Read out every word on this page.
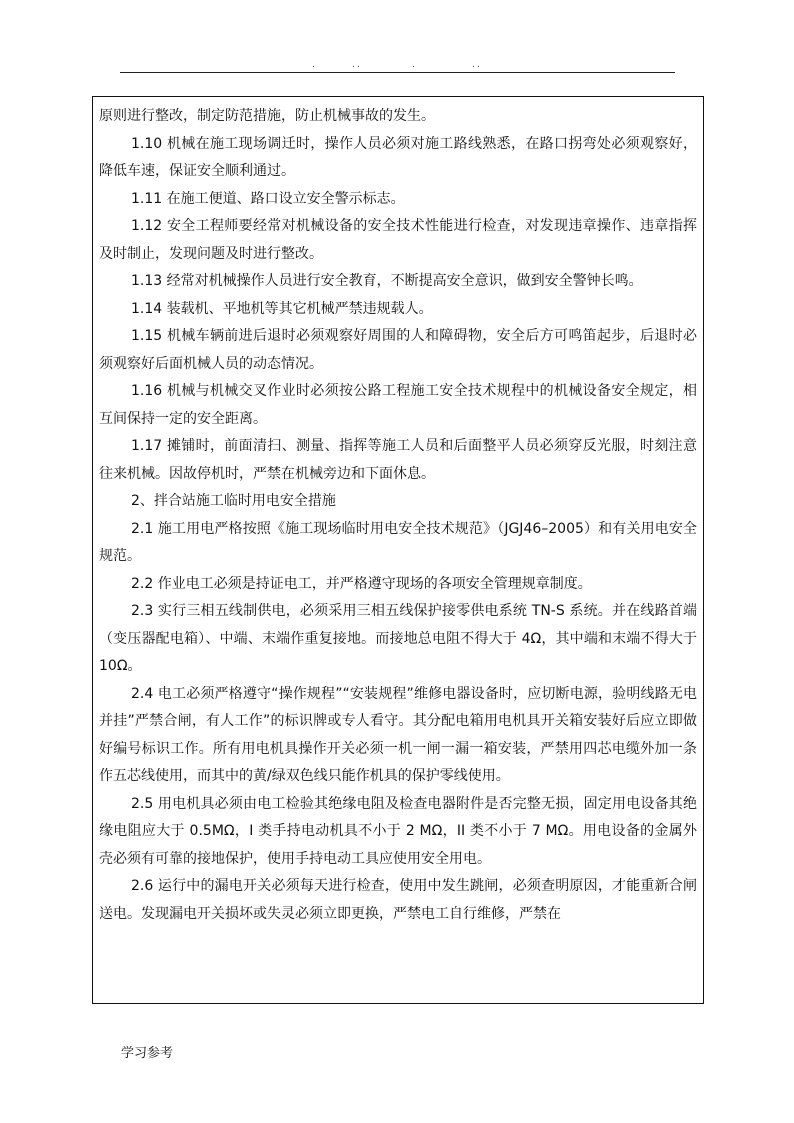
.	..	.	..

原则进行整改，制定防范措施，防止机械事故的发生。

1.10 机械在施工现场调迁时，操作人员必须对施工路线熟悉，在路口拐弯处必须观察好，降低车速，保证安全顺利通过。

1.11 在施工便道、路口设立安全警示标志。

1.12 安全工程师要经常对机械设备的安全技术性能进行检查，对发现违章操作、违章指挥及时制止，发现问题及时进行整改。

1.13 经常对机械操作人员进行安全教育，不断提高安全意识，做到安全警钟长鸣。

1.14 装载机、平地机等其它机械严禁违规载人。

1.15 机械车辆前进后退时必须观察好周围的人和障碍物，安全后方可鸣笛起步，后退时必须观察好后面机械人员的动态情况。

1.16 机械与机械交叉作业时必须按公路工程施工安全技术规程中的机械设备安全规定，相互间保持一定的安全距离。

1.17 摊铺时，前面清扫、测量、指挥等施工人员和后面整平人员必须穿反光服，时刻注意往来机械。因故停机时，严禁在机械旁边和下面休息。

2、拌合站施工临时用电安全措施

2.1 施工用电严格按照《施工现场临时用电安全技术规范》（JGJ46–2005）和有关用电安全规范。

2.2 作业电工必须是持证电工，并严格遵守现场的各项安全管理规章制度。

2.3 实行三相五线制供电，必须采用三相五线保护接零供电系统 TN-S 系统。并在线路首端（变压器配电箱）、中端、末端作重复接地。而接地总电阻不得大于 4Ω，其中端和末端不得大于 10Ω。

2.4 电工必须严格遵守“操作规程”“安装规程”维修电器设备时，应切断电源，验明线路无电并挂”严禁合闸，有人工作”的标识牌或专人看守。其分配电箱用电机具开关箱安装好后应立即做好编号标识工作。所有用电机具操作开关必须一机一闸一漏一箱安装，严禁用四芯电缆外加一条作五芯线使用，而其中的黄/绿双色线只能作机具的保护零线使用。

2.5 用电机具必须由电工检验其绝缘电阻及检查电器附件是否完整无损，固定用电设备其绝缘电阻应大于 0.5MΩ，I 类手持电动机具不小于 2 MΩ，II 类不小于 7 MΩ。用电设备的金属外壳必须有可靠的接地保护，使用手持电动工具应使用安全用电。

2.6 运行中的漏电开关必须每天进行检查，使用中发生跳闸，必须查明原因，才能重新合闸送电。发现漏电开关损坏或失灵必须立即更换，严禁电工自行维修，严禁在

学习参考
